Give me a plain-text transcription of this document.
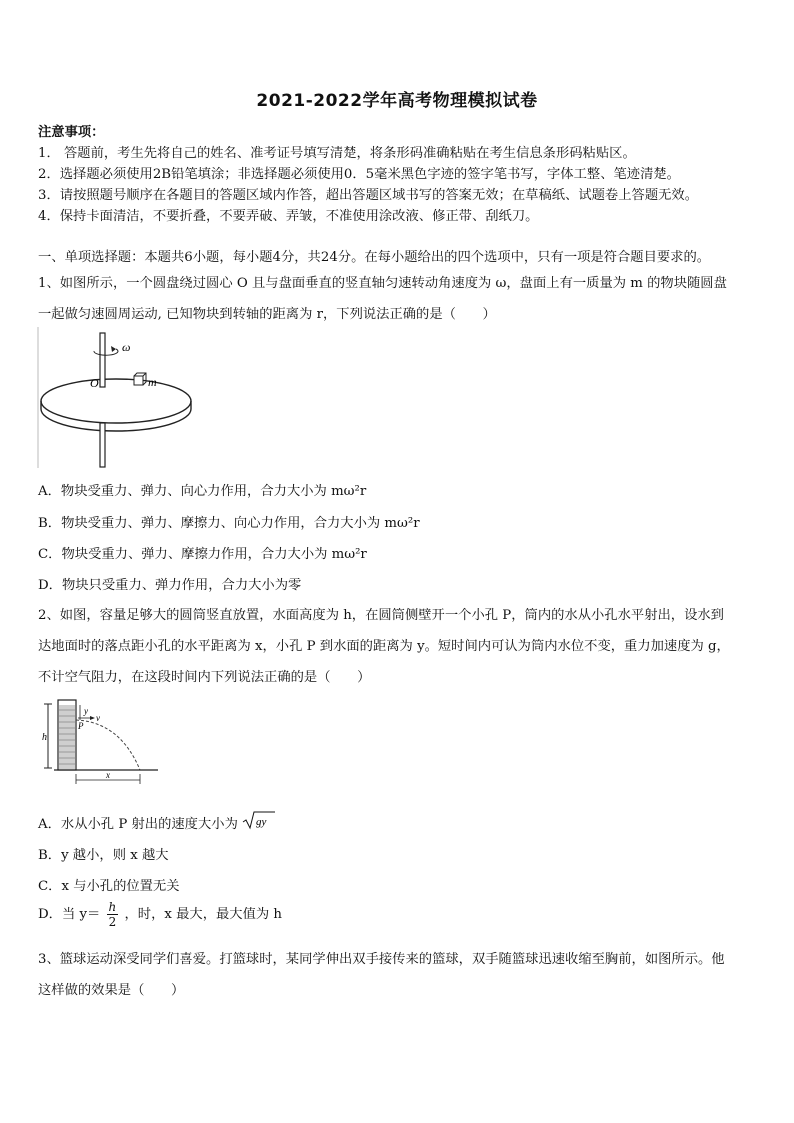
2021-2022学年高考物理模拟试卷
注意事项：
1． 答题前，考生先将自己的姓名、准考证号填写清楚，将条形码准确粘贴在考生信息条形码粘贴区。
2．选择题必须使用2B铅笔填涂；非选择题必须使用0．5毫米黑色字迹的签字笔书写，字体工整、笔迹清楚。
3．请按照题号顺序在各题目的答题区域内作答，超出答题区域书写的答案无效；在草稿纸、试题卷上答题无效。
4．保持卡面清洁，不要折叠，不要弄破、弄皱，不准使用涂改液、修正带、刮纸刀。
一、单项选择题：本题共6小题，每小题4分，共24分。在每小题给出的四个选项中，只有一项是符合题目要求的。
1、如图所示，一个圆盘绕过圆心 O 且与盘面垂直的竖直轴匀速转动角速度为 ω，盘面上有一质量为 m 的物块随圆盘
一起做匀速圆周运动, 已知物块到转轴的距离为 r，下列说法正确的是（　　）
ω
O	m
A．物块受重力、弹力、向心力作用，合力大小为 mω²r
B．物块受重力、弹力、摩擦力、向心力作用，合力大小为 mω²r
C．物块受重力、弹力、摩擦力作用，合力大小为 mω²r
D．物块只受重力、弹力作用，合力大小为零
2、如图，容量足够大的圆筒竖直放置，水面高度为 h，在圆筒侧壁开一个小孔 P，筒内的水从小孔水平射出，设水到
达地面时的落点距小孔的水平距离为 x，小孔 P 到水面的距离为 y。短时间内可认为筒内水位不变，重力加速度为 g，
不计空气阻力，在这段时间内下列说法正确的是（　　）
h
y
v
P
x
A．水从小孔 P 射出的速度大小为 gy
B．y 越小，则 x 越大
C．x 与小孔的位置无关
D．当 $y= \frac{h}{2}$ ，时，x 最大，最大值为 h
3、篮球运动深受同学们喜爱。打篮球时，某同学伸出双手接传来的篮球，双手随篮球迅速收缩至胸前，如图所示。他
这样做的效果是（　　）
